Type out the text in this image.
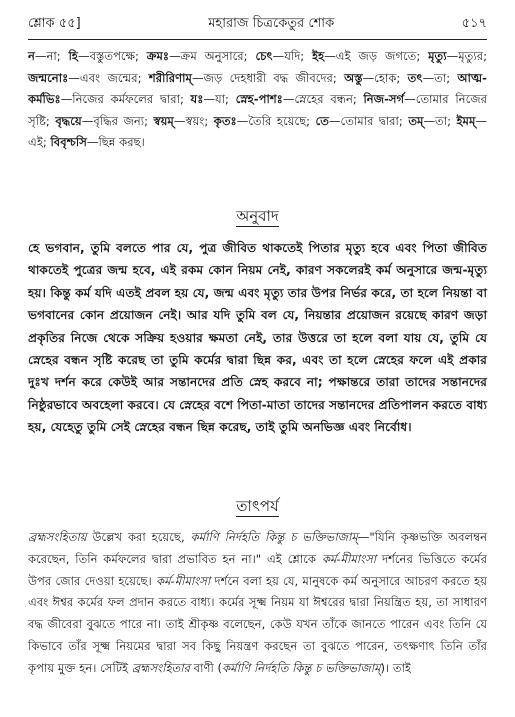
শ্লোক ৫৫]	মহারাজ চিত্রকেতুর শোক	৫১৭
ন—না; হি—বস্তুতপক্ষে; ক্রমঃ—ক্রম অনুসারে; চেৎ—যদি; ইহ—এই জড় জগতে; মৃত্যু—মৃত্যুর; জন্মনোঃ—এবং জন্মের; শরীরিণাম্—জড় দেহধারী বদ্ধ জীবদের; অস্তু—হোক; তৎ—তা; আত্ম-কর্মভিঃ—নিজের কর্মফলের দ্বারা; যঃ—যা; স্নেহ-পাশঃ—স্নেহের বন্ধন; নিজ-সর্গ—তোমার নিজের সৃষ্টি; বৃদ্ধয়ে—বৃদ্ধির জন্য; স্বয়ম্—স্বয়ং; কৃতঃ—তৈরি হয়েছে; তে—তোমার দ্বারা; তম্—তা; ইমম্—এই; বিবৃশ্চসি—ছিন্ন করছ।
অনুবাদ
হে ভগবান, তুমি বলতে পার যে, পুত্র জীবিত থাকতেই পিতার মৃত্যু হবে এবং পিতা জীবিত থাকতেই পুত্রের জন্ম হবে, এই রকম কোন নিয়ম নেই, কারণ সকলেরই কর্ম অনুসারে জন্ম-মৃত্যু হয়। কিন্তু কর্ম যদি এতই প্রবল হয় যে, জন্ম এবং মৃত্যু তার উপর নির্ভর করে, তা হলে নিয়ন্তা বা ভগবানের কোন প্রয়োজন নেই। আর যদি তুমি বল যে, নিয়ন্তার প্রয়োজন রয়েছে কারণ জড়া প্রকৃতির নিজে থেকে সক্রিয় হওয়ার ক্ষমতা নেই, তার উত্তরে তা হলে বলা যায় যে, তুমি যে স্নেহের বন্ধন সৃষ্টি করেছ তা তুমি কর্মের দ্বারা ছিন্ন কর, এবং তা হলে স্নেহের ফলে এই প্রকার দুঃখ দর্শন করে কেউই আর সন্তানদের প্রতি স্নেহ করবে না; পক্ষান্তরে তারা তাদের সন্তানদের নিষ্ঠুরভাবে অবহেলা করবে। যে স্নেহের বশে পিতা-মাতা তাদের সন্তানদের প্রতিপালন করতে বাধ্য হয়, যেহেতু তুমি সেই স্নেহের বন্ধন ছিন্ন করেছ, তাই তুমি অনভিজ্ঞ এবং নির্বোধ।
তাৎপর্য
ব্রহ্মসংহিতায় উল্লেখ করা হয়েছে, কর্মাণি নির্দহতি কিন্তু চ ভক্তিভাজাম্—"যিনি কৃষ্ণভক্তি অবলম্বন করেছেন, তিনি কর্মফলের দ্বারা প্রভাবিত হন না।" এই শ্লোকে কর্ম-মীমাংসা দর্শনের ভিত্তিতে কর্মের উপর জোর দেওয়া হয়েছে। কর্ম-মীমাংসা দর্শনে বলা হয় যে, মানুষকে কর্ম অনুসারে আচরণ করতে হয় এবং ঈশ্বর কর্মের ফল প্রদান করতে বাধ্য। কর্মের সূক্ষ্ম নিয়ম যা ঈশ্বরের দ্বারা নিয়ন্ত্রিত হয়, তা সাধারণ বদ্ধ জীবেরা বুঝতে পারে না। তাই শ্রীকৃষ্ণ বলেছেন, কেউ যখন তাঁকে জানতে পারেন এবং তিনি যে কিভাবে তাঁর সূক্ষ্ম নিয়মের দ্বারা সব কিছু নিয়ন্ত্রণ করছেন তা বুঝতে পারেন, তৎক্ষণাৎ তিনি তাঁর কৃপায় মুক্ত হন। সেটিই ব্রহ্মসংহিতার বাণী (কর্মাণি নির্দহতি কিন্তু চ ভক্তিভাজাম্)। তাই
